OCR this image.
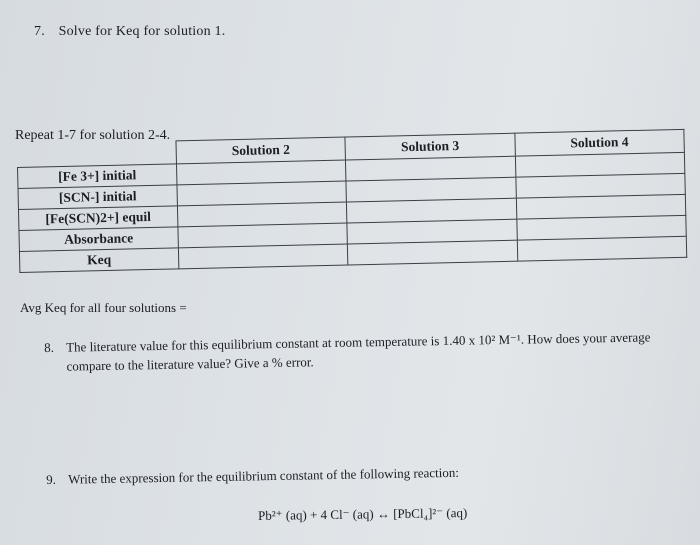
7. Solve for Keq for solution 1.
Repeat 1-7 for solution 2-4.
	Solution 2	Solution 3	Solution 4
[Fe 3+] initial			
[SCN-] initial			
[Fe(SCN)2+] equil			
Absorbance			
Keq			
Avg Keq for all four solutions =
8. The literature value for this equilibrium constant at room temperature is 1.40 x 10² M⁻¹. How does your average
compare to the literature value? Give a % error.
9. Write the expression for the equilibrium constant of the following reaction:
Pb²⁺ (aq) + 4 Cl⁻ (aq) ↔ [PbCl₄]²⁻ (aq)
